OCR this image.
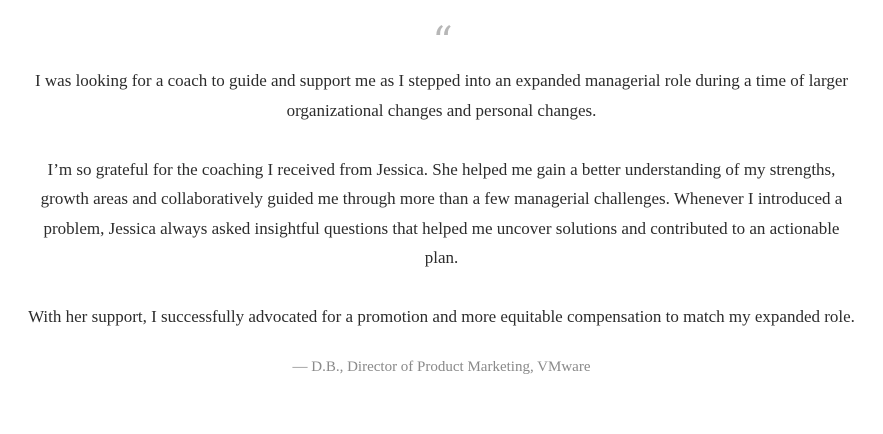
“

I was looking for a coach to guide and support me as I stepped into an expanded managerial role during a time of larger organizational changes and personal changes.

I’m so grateful for the coaching I received from Jessica. She helped me gain a better understanding of my strengths, growth areas and collaboratively guided me through more than a few managerial challenges. Whenever I introduced a problem, Jessica always asked insightful questions that helped me uncover solutions and contributed to an actionable plan.

With her support, I successfully advocated for a promotion and more equitable compensation to match my expanded role.

— D.B., Director of Product Marketing, VMware
